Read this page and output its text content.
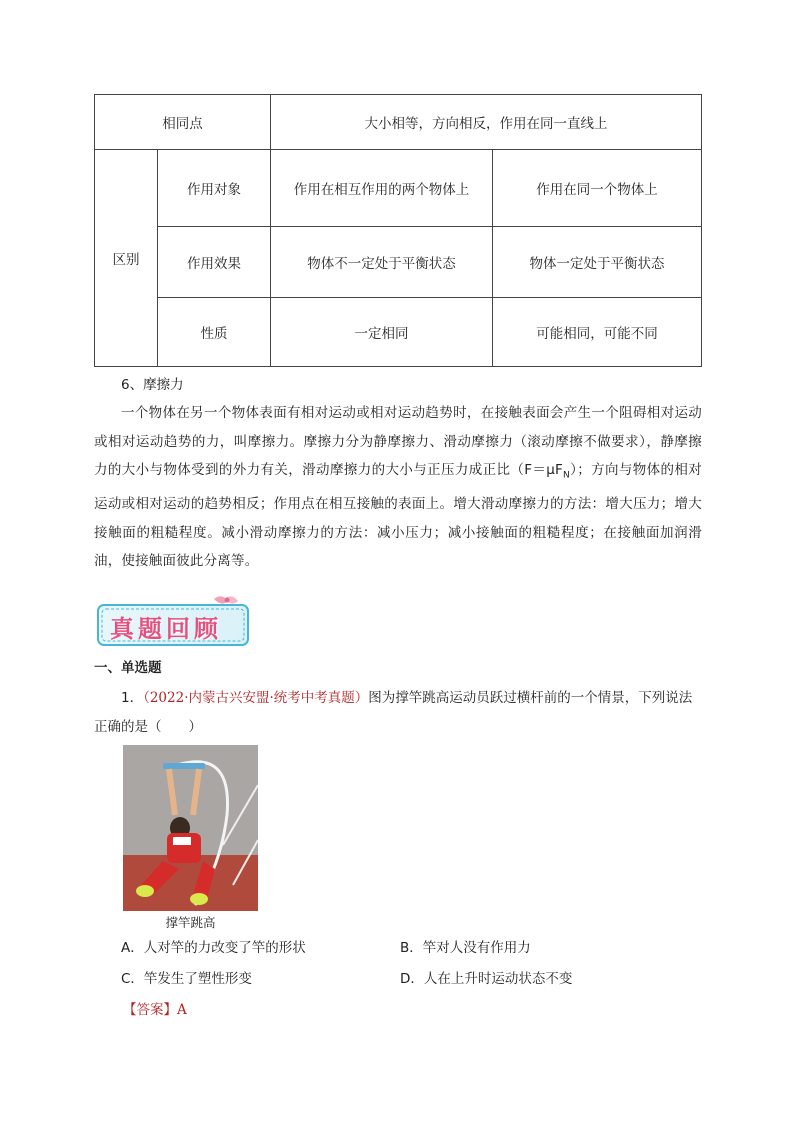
相同点		大小相等，方向相反，作用在同一直线上	
区别	作用对象	作用在相互作用的两个物体上	作用在同一个物体上
	作用效果	物体不一定处于平衡状态	物体一定处于平衡状态
	性质	一定相同	可能相同，可能不同
6、摩擦力
一个物体在另一个物体表面有相对运动或相对运动趋势时，在接触表面会产生一个阻碍相对运动或相对运动趋势的力，叫摩擦力。摩擦力分为静摩擦力、滑动摩擦力（滚动摩擦不做要求），静摩擦力的大小与物体受到的外力有关，滑动摩擦力的大小与正压力成正比$(F=\mu F_N)$；方向与物体的相对运动或相对运动的趋势相反；作用点在相互接触的表面上。增大滑动摩擦力的方法：增大压力；增大接触面的粗糙程度。减小滑动摩擦力的方法：减小压力；减小接触面的粗糙程度；在接触面加润滑油，使接触面彼此分离等。
真题回顾
一、单选题
1．（2022·内蒙古兴安盟·统考中考真题）图为撑竿跳高运动员跃过横杆前的一个情景，下列说法正确的是（　　）
撑竿跳高
A．人对竿的力改变了竿的形状	B．竿对人没有作用力
C．竿发生了塑性形变	D．人在上升时运动状态不变
【答案】A
